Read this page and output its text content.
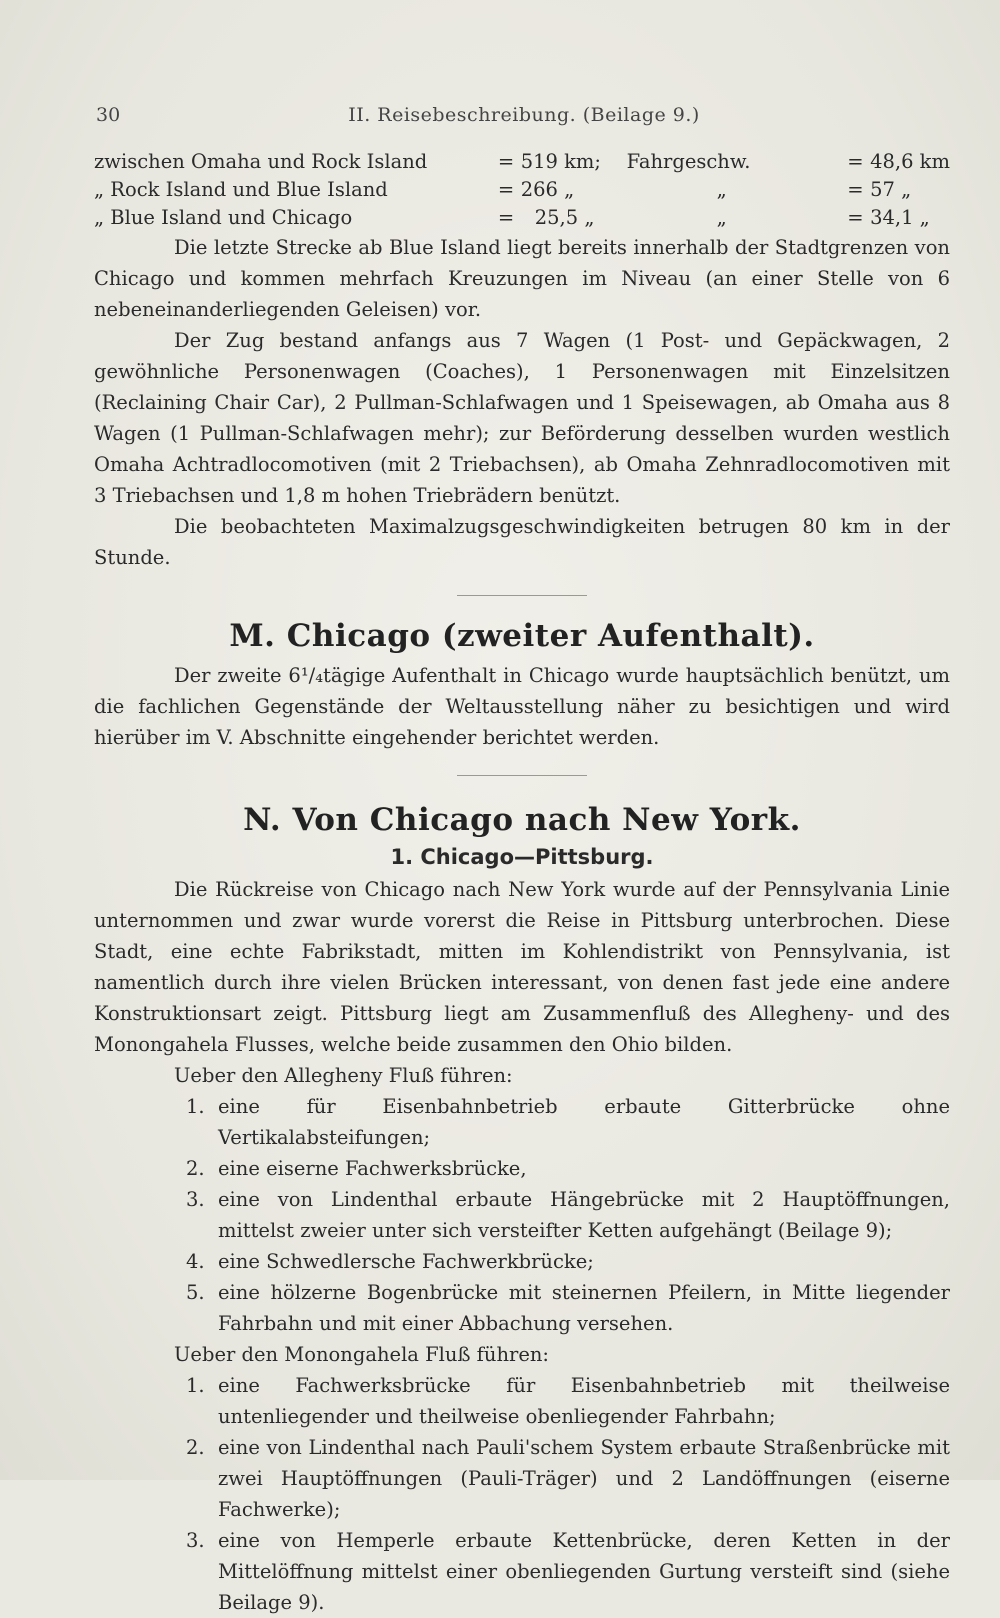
30	II. Reisebeschreibung. (Beilage 9.)
zwischen Omaha und Rock Island	=	519 km;	Fahrgeschw.	=	48,6 km
„ Rock Island und Blue Island	=	266 „	„	=	57 „
„ Blue Island und Chicago	=	25,5 „	„	=	34,1 „

Die letzte Strecke ab Blue Island liegt bereits innerhalb der Stadtgrenzen von Chicago und kommen mehrfach Kreuzungen im Niveau (an einer Stelle von 6 nebeneinanderliegenden Geleisen) vor.

Der Zug bestand anfangs aus 7 Wagen (1 Post- und Gepäckwagen, 2 gewöhnliche Personenwagen (Coaches), 1 Personenwagen mit Einzelsitzen (Reclaining Chair Car), 2 Pullman-Schlafwagen und 1 Speisewagen, ab Omaha aus 8 Wagen (1 Pullman-Schlafwagen mehr); zur Beförderung desselben wurden westlich Omaha Achtradlocomotiven (mit 2 Triebachsen), ab Omaha Zehnradlocomotiven mit 3 Triebachsen und 1,8 m hohen Triebrädern benützt.

Die beobachteten Maximalzugsgeschwindigkeiten betrugen 80 km in der Stunde.

M. Chicago (zweiter Aufenthalt).

Der zweite 6¹/₄tägige Aufenthalt in Chicago wurde hauptsächlich benützt, um die fachlichen Gegenstände der Weltausstellung näher zu besichtigen und wird hierüber im V. Abschnitte eingehender berichtet werden.

N. Von Chicago nach New York.
1. Chicago—Pittsburg.

Die Rückreise von Chicago nach New York wurde auf der Pennsylvania Linie unternommen und zwar wurde vorerst die Reise in Pittsburg unterbrochen. Diese Stadt, eine echte Fabrikstadt, mitten im Kohlendistrikt von Pennsylvania, ist namentlich durch ihre vielen Brücken interessant, von denen fast jede eine andere Konstruktionsart zeigt. Pittsburg liegt am Zusammenfluß des Allegheny- und des Monongahela Flusses, welche beide zusammen den Ohio bilden.

Ueber den Allegheny Fluß führen:

1. eine für Eisenbahnbetrieb erbaute Gitterbrücke ohne Vertikalabsteifungen;
2. eine eiserne Fachwerksbrücke,
3. eine von Lindenthal erbaute Hängebrücke mit 2 Hauptöffnungen, mittelst zweier unter sich versteifter Ketten aufgehängt (Beilage 9);
4. eine Schwedlersche Fachwerkbrücke;
5. eine hölzerne Bogenbrücke mit steinernen Pfeilern, in Mitte liegender Fahrbahn und mit einer Abbachung versehen.

Ueber den Monongahela Fluß führen:

1. eine Fachwerksbrücke für Eisenbahnbetrieb mit theilweise untenliegender und theilweise obenliegender Fahrbahn;
2. eine von Lindenthal nach Pauli'schem System erbaute Straßenbrücke mit zwei Hauptöffnungen (Pauli-Träger) und 2 Landöffnungen (eiserne Fachwerke);
3. eine von Hemperle erbaute Kettenbrücke, deren Ketten in der Mittelöffnung mittelst einer obenliegenden Gurtung versteift sind (siehe Beilage 9).
